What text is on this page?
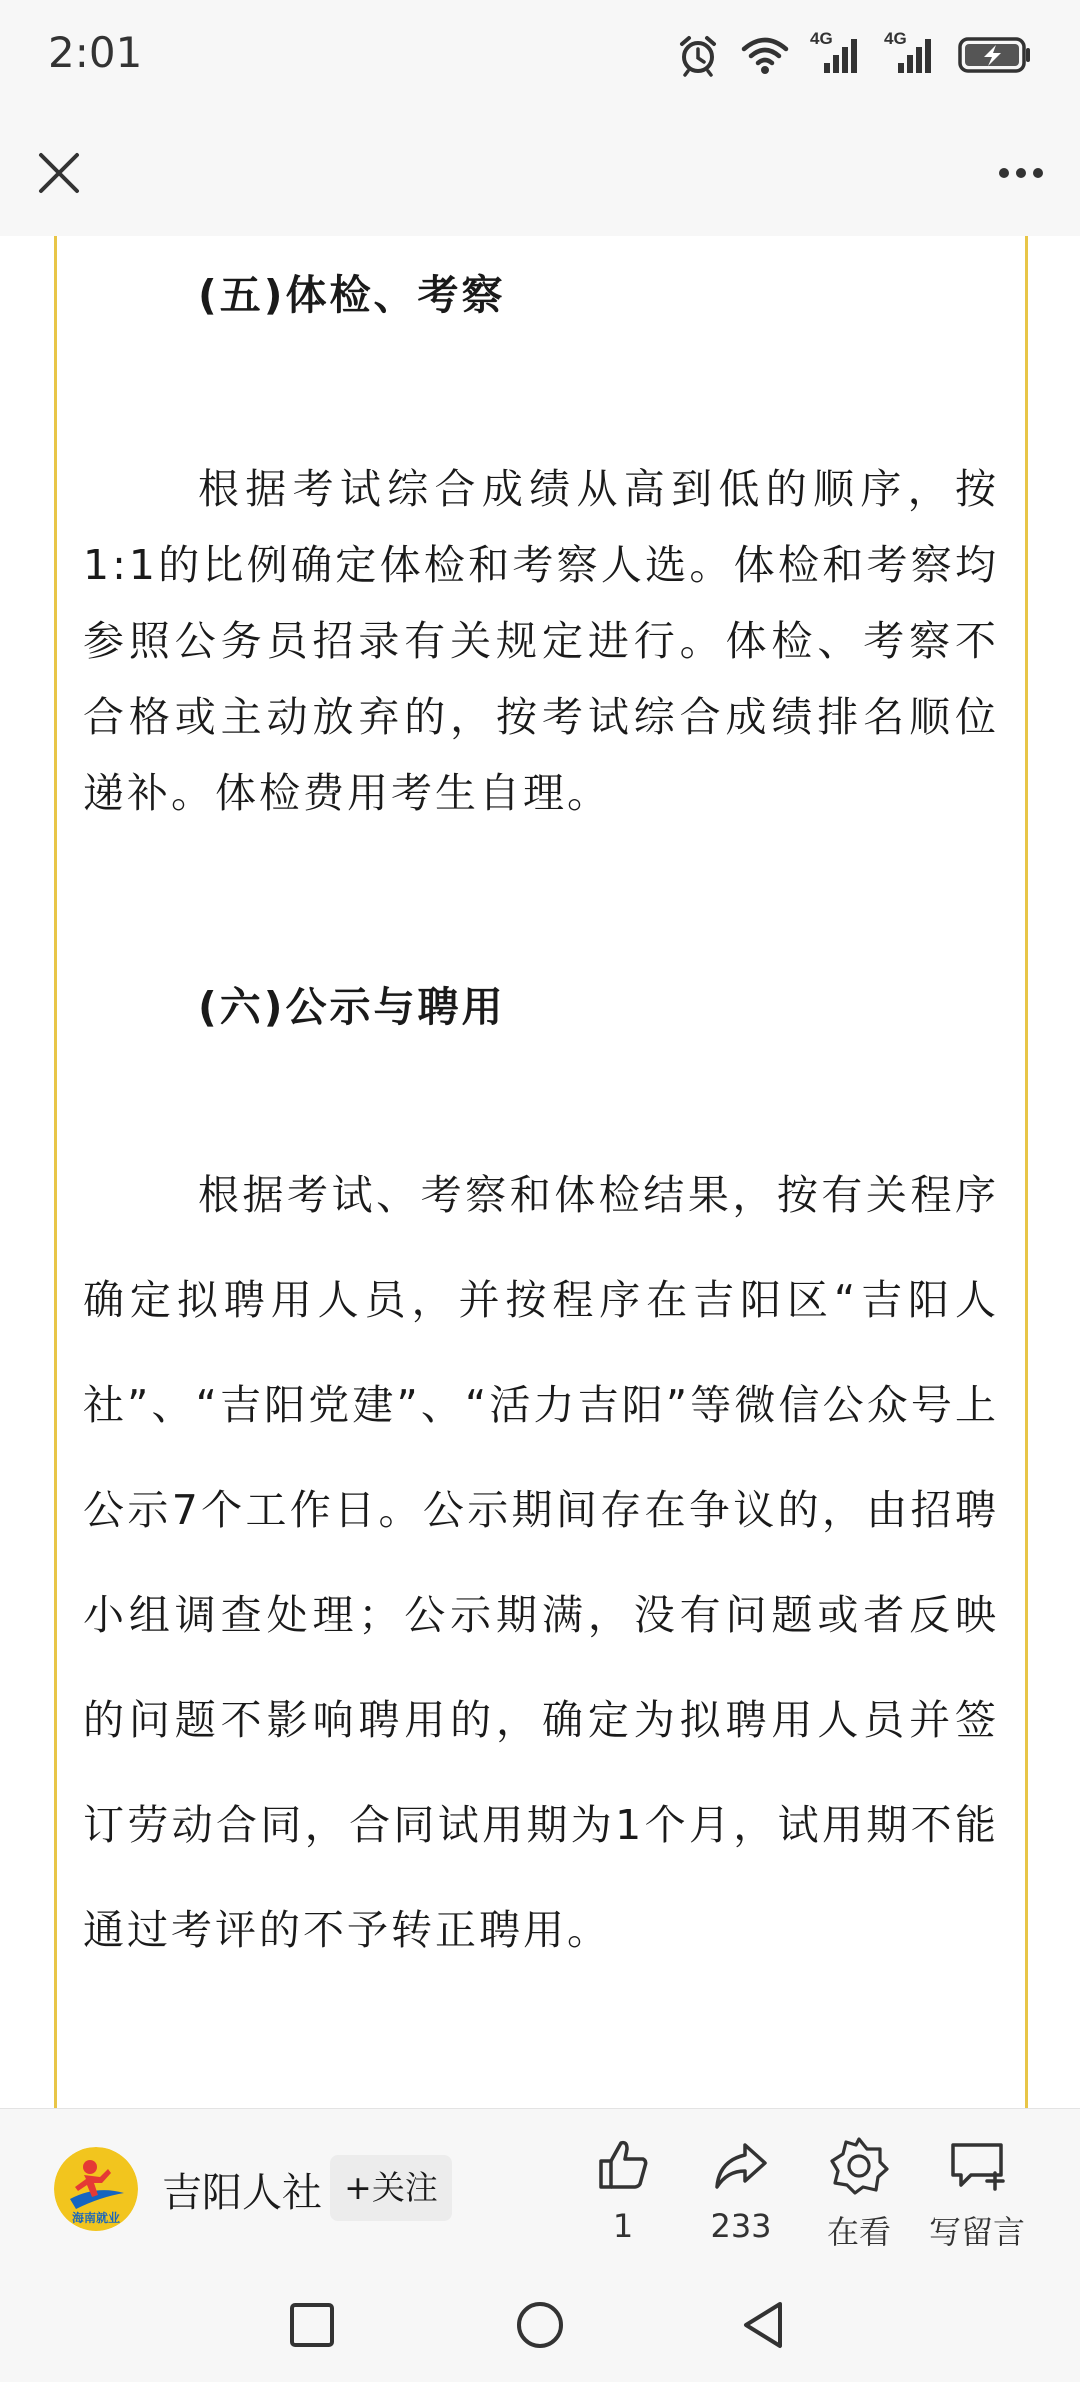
2:01	4G	4G
(五)体检、考察
根据考试综合成绩从高到低的顺序，按1:1的比例确定体检和考察人选。体检和考察均参照公务员招录有关规定进行。体检、考察不合格或主动放弃的，按考试综合成绩排名顺位递补。体检费用考生自理。
(六)公示与聘用
根据考试、考察和体检结果，按有关程序确定拟聘用人员，并按程序在吉阳区“吉阳人社”、“吉阳党建”、“活力吉阳”等微信公众号上公示7个工作日。公示期间存在争议的，由招聘小组调查处理；公示期满，没有问题或者反映的问题不影响聘用的，确定为拟聘用人员并签订劳动合同，合同试用期为1个月，试用期不能通过考评的不予转正聘用。
海南就业
吉阳人社 +关注
1	233	在看	写留言
